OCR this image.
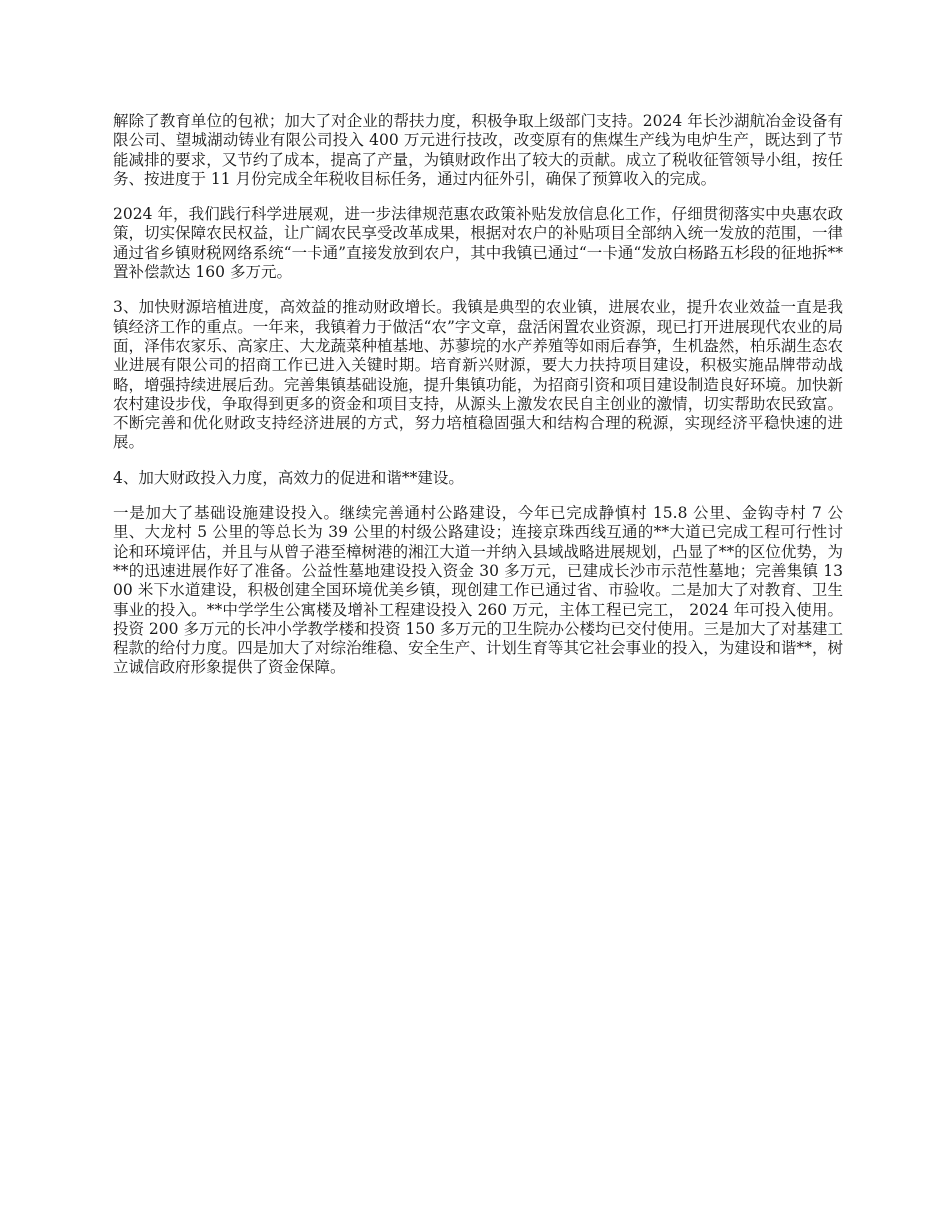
解除了教育单位的包袱；加大了对企业的帮扶力度，积极争取上级部门支持。2024 年长沙湖航冶金设备有限公司、望城湖动铸业有限公司投入 400 万元进行技改，改变原有的焦煤生产线为电炉生产，既达到了节能减排的要求，又节约了成本，提高了产量，为镇财政作出了较大的贡献。成立了税收征管领导小组，按任务、按进度于 11 月份完成全年税收目标任务，通过内征外引，确保了预算收入的完成。

2024 年，我们践行科学进展观，进一步法律规范惠农政策补贴发放信息化工作，仔细贯彻落实中央惠农政策，切实保障农民权益，让广阔农民享受改革成果，根据对农户的补贴项目全部纳入统一发放的范围，一律通过省乡镇财税网络系统“一卡通”直接发放到农户，其中我镇已通过“一卡通“发放白杨路五杉段的征地拆**置补偿款达 160 多万元。

3、加快财源培植进度，高效益的推动财政增长。我镇是典型的农业镇，进展农业，提升农业效益一直是我镇经济工作的重点。一年来，我镇着力于做活“农”字文章，盘活闲置农业资源，现已打开进展现代农业的局面，泽伟农家乐、高家庄、大龙蔬菜种植基地、苏蓼垸的水产养殖等如雨后春笋，生机盎然，柏乐湖生态农业进展有限公司的招商工作已进入关键时期。培育新兴财源，要大力扶持项目建设，积极实施品牌带动战略，增强持续进展后劲。完善集镇基础设施，提升集镇功能，为招商引资和项目建设制造良好环境。加快新农村建设步伐，争取得到更多的资金和项目支持，从源头上激发农民自主创业的激情，切实帮助农民致富。不断完善和优化财政支持经济进展的方式，努力培植稳固强大和结构合理的税源，实现经济平稳快速的进展。

4、加大财政投入力度，高效力的促进和谐**建设。

一是加大了基础设施建设投入。继续完善通村公路建设，今年已完成静慎村 15.8 公里、金钩寺村 7 公里、大龙村 5 公里的等总长为 39 公里的村级公路建设；连接京珠西线互通的**大道已完成工程可行性讨论和环境评估，并且与从曾子港至樟树港的湘江大道一并纳入县域战略进展规划，凸显了**的区位优势，为**的迅速进展作好了准备。公益性墓地建设投入资金 30 多万元，已建成长沙市示范性墓地；完善集镇 1300 米下水道建设，积极创建全国环境优美乡镇，现创建工作已通过省、市验收。二是加大了对教育、卫生事业的投入。**中学学生公寓楼及增补工程建设投入 260 万元，主体工程已完工， 2024 年可投入使用。投资 200 多万元的长冲小学教学楼和投资 150 多万元的卫生院办公楼均已交付使用。三是加大了对基建工程款的给付力度。四是加大了对综治维稳、安全生产、计划生育等其它社会事业的投入，为建设和谐**，树立诚信政府形象提供了资金保障。
